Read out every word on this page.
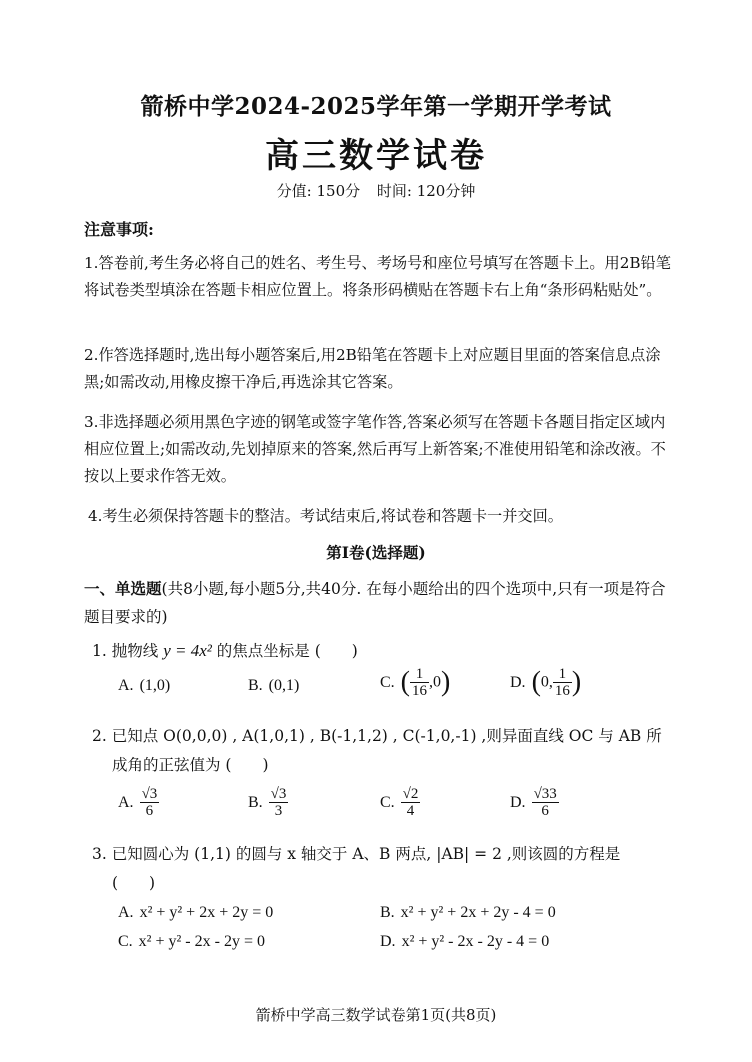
箭桥中学2024-2025学年第一学期开学考试
高三数学试卷
分值: 150分 时间: 120分钟
注意事项:
1.答卷前,考生务必将自己的姓名、考生号、考场号和座位号填写在答题卡上。用2B铅笔将试卷类型填涂在答题卡相应位置上。将条形码横贴在答题卡右上角“条形码粘贴处”。
2.作答选择题时,选出每小题答案后,用2B铅笔在答题卡上对应题目里面的答案信息点涂黑;如需改动,用橡皮擦干净后,再选涂其它答案。
3.非选择题必须用黑色字迹的钢笔或签字笔作答,答案必须写在答题卡各题目指定区域内相应位置上;如需改动,先划掉原来的答案,然后再写上新答案;不准使用铅笔和涂改液。不按以上要求作答无效。
4.考生必须保持答题卡的整洁。考试结束后,将试卷和答题卡一并交回。
第I卷(选择题)
一、单选题(共8小题,每小题5分,共40分. 在每小题给出的四个选项中,只有一项是符合题目要求的)
1. 抛物线 y = 4x² 的焦点坐标是 (　　)
A. (1,0)	B. (0,1)	C. ( $\frac{1}{16} ,0$)	D. (0, $\frac{1}{16}$ )
2. 已知点 O(0,0,0) , A(1,0,1) , B(-1,1,2) , C(-1,0,-1) ,则异面直线 OC 与 AB 所
成角的正弦值为 (　　)
A. $\frac{√3}{6}$	B. $\frac{√3}{3}$	C. $\frac{√2}{4}$	D. $\frac{√33}{6}$
3. 已知圆心为 (1,1) 的圆与 x 轴交于 A、B 两点, |AB| = 2 ,则该圆的方程是
(　　)
A. x² + y² + 2x + 2y = 0	B. x² + y² + 2x + 2y - 4 = 0
C. x² + y² - 2x - 2y = 0	D. x² + y² - 2x - 2y - 4 = 0
箭桥中学高三数学试卷第1页(共8页)
